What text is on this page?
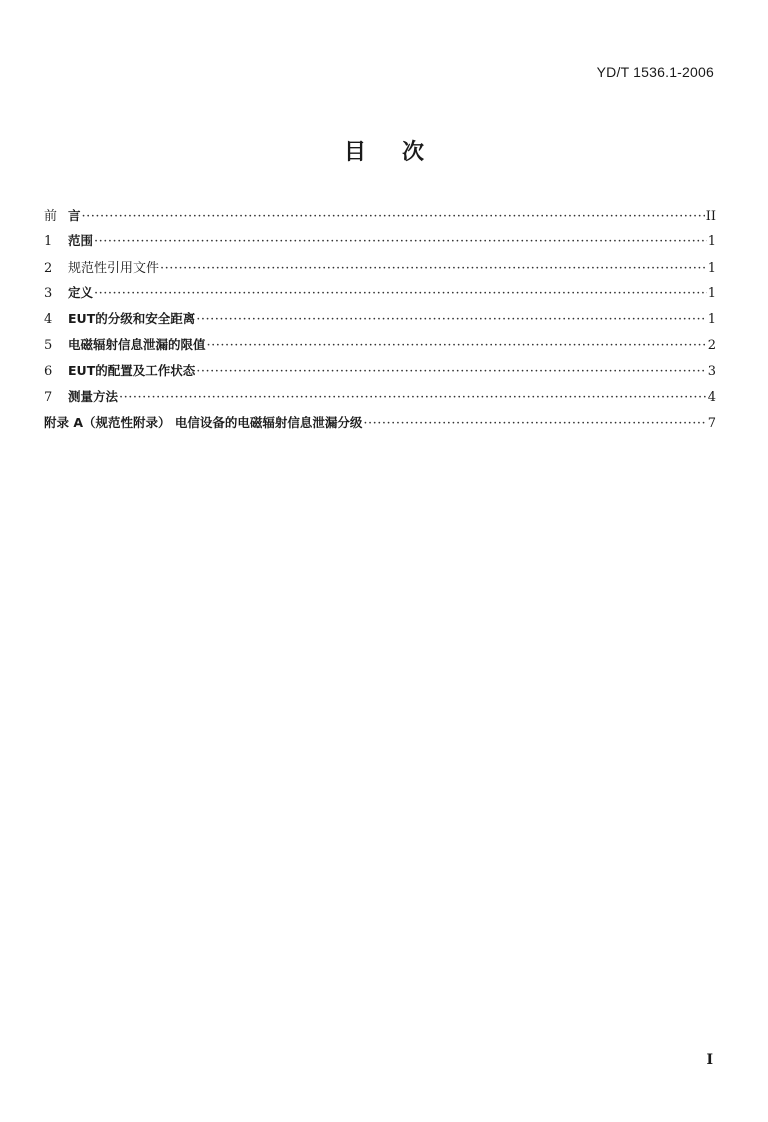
YD/T 1536.1-2006
目次
前 言 ·····	II
1	范围 ·····	1
2	规范性引用文件 ·····	1
3	定义 ·····	1
4	EUT的分级和安全距离 ·····	1
5	电磁辐射信息泄漏的限值 ·····	2
6	EUT的配置及工作状态 ·····	3
7	测量方法 ·····	4
附录 A（规范性附录） 电信设备的电磁辐射信息泄漏分级 ·····	7
I
